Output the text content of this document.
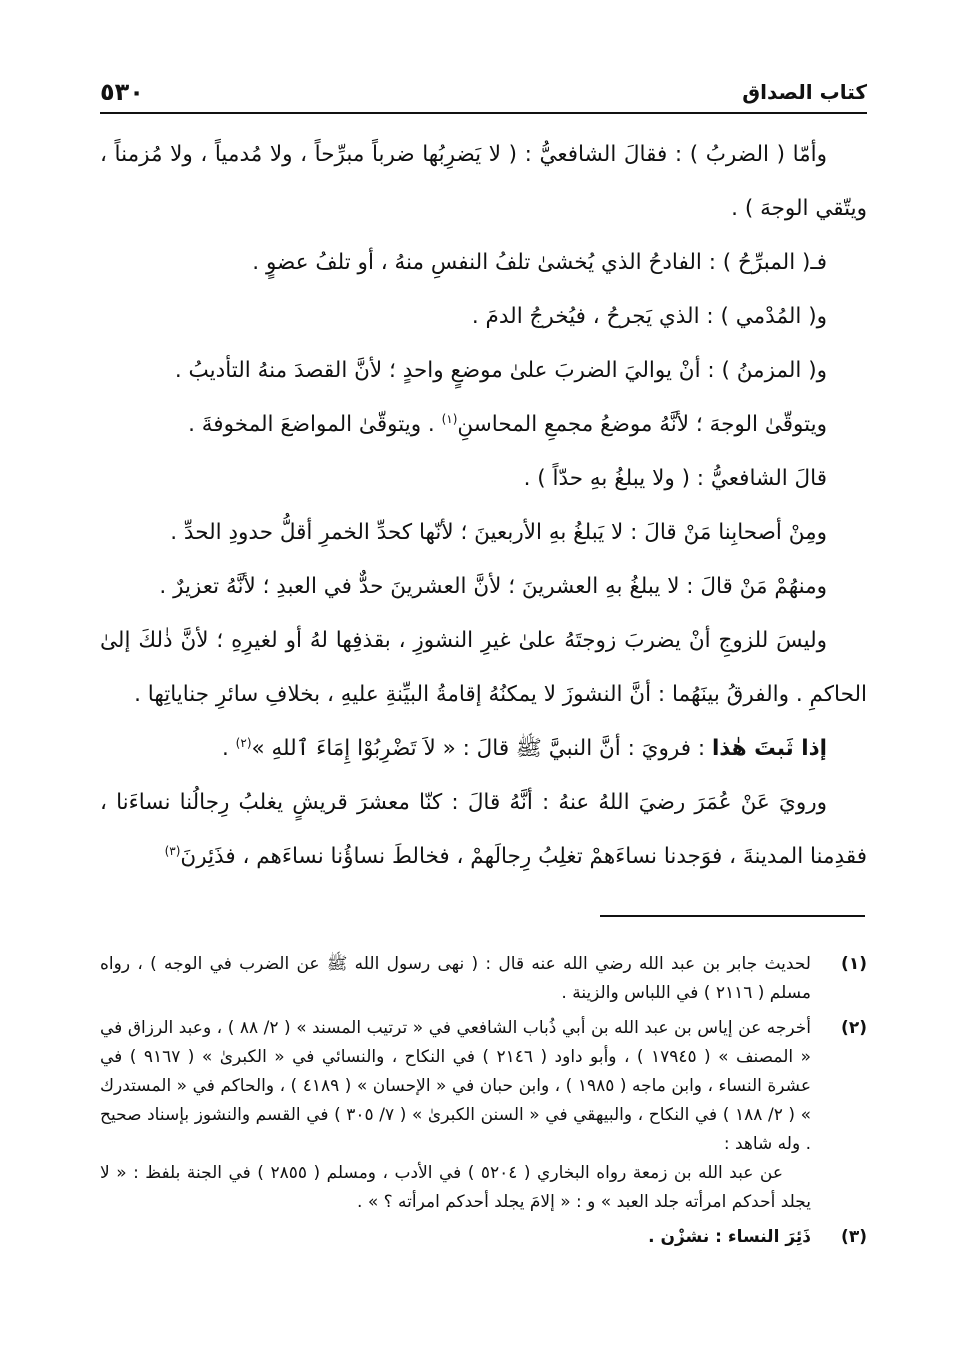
كتاب الصداق
٥٣٠

وأمّا ( الضربُ ) : فقالَ الشافعيُّ : ( لا يَضرِبُها ضرباً مبرِّحاً ، ولا مُدمياً ، ولا مُزمناً ، ويتّقي الوجهَ ) .

فـ( المبرِّحُ ) : الفادحُ الذي يُخشىٰ تلفُ النفسِ منهُ ، أو تلفُ عضوٍ .

و( المُدْمي ) : الذي يَجرحُ ، فيُخرجُ الدمَ .

و( المزمنُ ) : أنْ يواليَ الضربَ علىٰ موضعٍ واحدٍ ؛ لأنَّ القصدَ منهُ التأديبُ .

ويتوقّىٰ الوجهَ ؛ لأنَّهُ موضعُ مجمعِ المحاسنِ$^{(١)}$ . ويتوقّىٰ المواضعَ المخوفةَ .

قالَ الشافعيُّ : ( ولا يبلغُ بهِ حدّاً ) .

ومِنْ أصحابِنا مَنْ قالَ : لا يَبلغُ بهِ الأربعينَ ؛ لأنّها كحدِّ الخمرِ أقلُّ حدودِ الحدِّ .

ومنهُمْ مَنْ قالَ : لا يبلغُ بهِ العشرينَ ؛ لأنَّ العشرينَ حدٌّ في العبدِ ؛ لأنَّهُ تعزيرٌ .

وليسَ للزوجِ أنْ يضربَ زوجتَهُ علىٰ غيرِ النشوزِ ، بقذفِها لهُ أو لغيرِهِ ؛ لأنَّ ذٰلكَ إلىٰ الحاكمِ . والفرقُ بينَهُما : أنَّ النشوزَ لا يمكنُهُ إقامةُ البيِّنةِ عليهِ ، بخلافِ سائرِ جناياتِها .

إذا ثَبتَ هٰذا : فرويَ : أنَّ النبيَّ ﷺ قالَ : « لاَ تَضْرِبُوْا إِمَاءَ ٱللهِ »$^{(٢)}$ .

ورويَ عَنْ عُمَرَ رضيَ اللهُ عنهُ : أنَّهُ قالَ : كنّا معشرَ قريشٍ يغلبُ رِجالُنا نساءَنا ، فقدِمنا المدينةَ ، فوَجدنا نساءَهمْ تغلِبُ رِجالَهمْ ، فخالطَ نساؤُنا نساءَهم ، فذَئِرنَ$^{(٣)}$

(١)
لحديث جابر بن عبد الله رضي الله عنه قال : ( نهى رسول الله ﷺ عن الضرب في الوجه ) ، رواه مسلم ( ٢١١٦ ) في اللباس والزينة .
(٢)
أخرجه عن إياس بن عبد الله بن أبي ذُباب الشافعي في « ترتيب المسند » ( ٢/ ٨٨ ) ، وعبد الرزاق في « المصنف » ( ١٧٩٤٥ ) ، وأبو داود ( ٢١٤٦ ) في النكاح ، والنسائي في « الكبرىٰ » ( ٩١٦٧ ) في عشرة النساء ، وابن ماجه ( ١٩٨٥ ) ، وابن حبان في « الإحسان » ( ٤١٨٩ ) ، والحاكم في « المستدرك » ( ٢/ ١٨٨ ) في النكاح ، والبيهقي في « السنن الكبرىٰ » ( ٧/ ٣٠٥ ) في القسم والنشوز بإسناد صحيح . وله شاهد :
عن عبد الله بن زمعة رواه البخاري ( ٥٢٠٤ ) في الأدب ، ومسلم ( ٢٨٥٥ ) في الجنة بلفظ : « لا يجلد أحدكم امرأته جلد العبد » و : « إلامَ يجلد أحدكم امرأته ؟ » .
(٣)
ذَئِرَ النساء : نشزْن .
